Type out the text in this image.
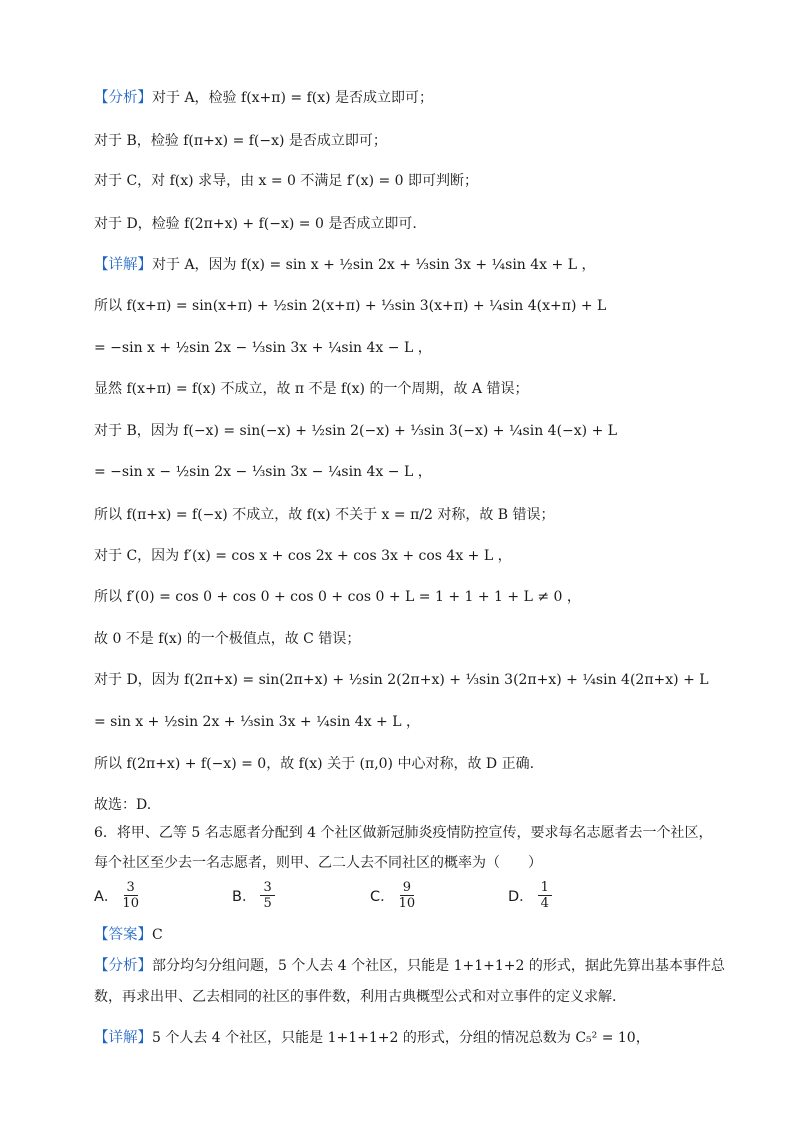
【分析】对于 A，检验 f(x+π) = f(x) 是否成立即可；
对于 B，检验 f(π+x) = f(−x) 是否成立即可；
对于 C，对 f(x) 求导，由 x = 0 不满足 f′(x) = 0 即可判断；
对于 D，检验 f(2π+x) + f(−x) = 0 是否成立即可.
【详解】对于 A，因为 f(x) = sin x + ½sin 2x + ⅓sin 3x + ¼sin 4x + L ，
所以 f(x+π) = sin(x+π) + ½sin 2(x+π) + ⅓sin 3(x+π) + ¼sin 4(x+π) + L
= −sin x + ½sin 2x − ⅓sin 3x + ¼sin 4x − L ，
显然 f(x+π) = f(x) 不成立，故 π 不是 f(x) 的一个周期，故 A 错误；
对于 B，因为 f(−x) = sin(−x) + ½sin 2(−x) + ⅓sin 3(−x) + ¼sin 4(−x) + L
= −sin x − ½sin 2x − ⅓sin 3x − ¼sin 4x − L ，
所以 f(π+x) = f(−x) 不成立，故 f(x) 不关于 x = π/2 对称，故 B 错误；
对于 C，因为 f′(x) = cos x + cos 2x + cos 3x + cos 4x + L ，
所以 f′(0) = cos 0 + cos 0 + cos 0 + cos 0 + L = 1 + 1 + 1 + L ≠ 0 ，
故 0 不是 f(x) 的一个极值点，故 C 错误；
对于 D，因为 f(2π+x) = sin(2π+x) + ½sin 2(2π+x) + ⅓sin 3(2π+x) + ¼sin 4(2π+x) + L
= sin x + ½sin 2x + ⅓sin 3x + ¼sin 4x + L ，
所以 f(2π+x) + f(−x) = 0，故 f(x) 关于 (π,0) 中心对称，故 D 正确.
故选：D.
6．将甲、乙等 5 名志愿者分配到 4 个社区做新冠肺炎疫情防控宣传，要求每名志愿者去一个社区，
每个社区至少去一名志愿者，则甲、乙二人去不同社区的概率为（　　）
A． $\frac{3}{10}$	B． $\frac{3}{5}$	C． $\frac{9}{10}$	D． $\frac{1}{4}$
【答案】C
【分析】部分均匀分组问题，5 个人去 4 个社区，只能是 1+1+1+2 的形式，据此先算出基本事件总
数，再求出甲、乙去相同的社区的事件数，利用古典概型公式和对立事件的定义求解.
【详解】5 个人去 4 个社区，只能是 1+1+1+2 的形式，分组的情况总数为 C₅² = 10，
